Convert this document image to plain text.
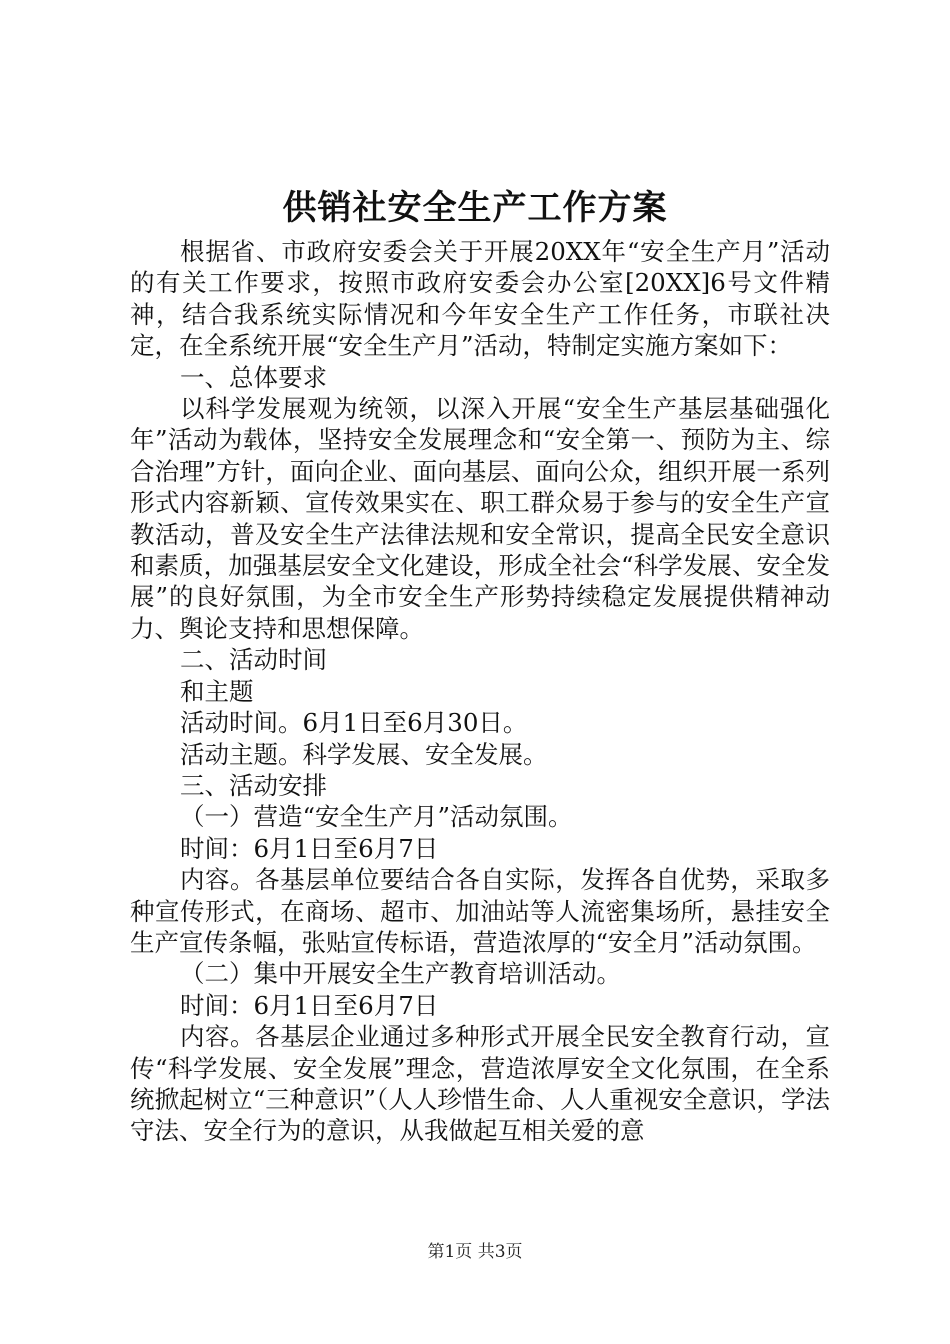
供销社安全生产工作方案

根据省、市政府安委会关于开展20XX年“安全生产月”活动的有关工作要求，按照市政府安委会办公室[20XX]6号文件精神，结合我系统实际情况和今年安全生产工作任务，市联社决定，在全系统开展“安全生产月”活动，特制定实施方案如下：

一、总体要求

以科学发展观为统领，以深入开展“安全生产基层基础强化年”活动为载体，坚持安全发展理念和“安全第一、预防为主、综合治理”方针，面向企业、面向基层、面向公众，组织开展一系列形式内容新颖、宣传效果实在、职工群众易于参与的安全生产宣教活动，普及安全生产法律法规和安全常识，提高全民安全意识和素质，加强基层安全文化建设，形成全社会“科学发展、安全发展”的良好氛围，为全市安全生产形势持续稳定发展提供精神动力、舆论支持和思想保障。

二、活动时间

和主题

活动时间。6月1日至6月30日。

活动主题。科学发展、安全发展。

三、活动安排

（一）营造“安全生产月”活动氛围。

时间：6月1日至6月7日

内容。各基层单位要结合各自实际，发挥各自优势，采取多种宣传形式，在商场、超市、加油站等人流密集场所，悬挂安全生产宣传条幅，张贴宣传标语，营造浓厚的“安全月”活动氛围。

（二）集中开展安全生产教育培训活动。

时间：6月1日至6月7日

内容。各基层企业通过多种形式开展全民安全教育行动，宣传“科学发展、安全发展”理念，营造浓厚安全文化氛围，在全系统掀起树立“三种意识”（人人珍惜生命、人人重视安全意识，学法守法、安全行为的意识，从我做起互相关爱的意

第1页 共3页
